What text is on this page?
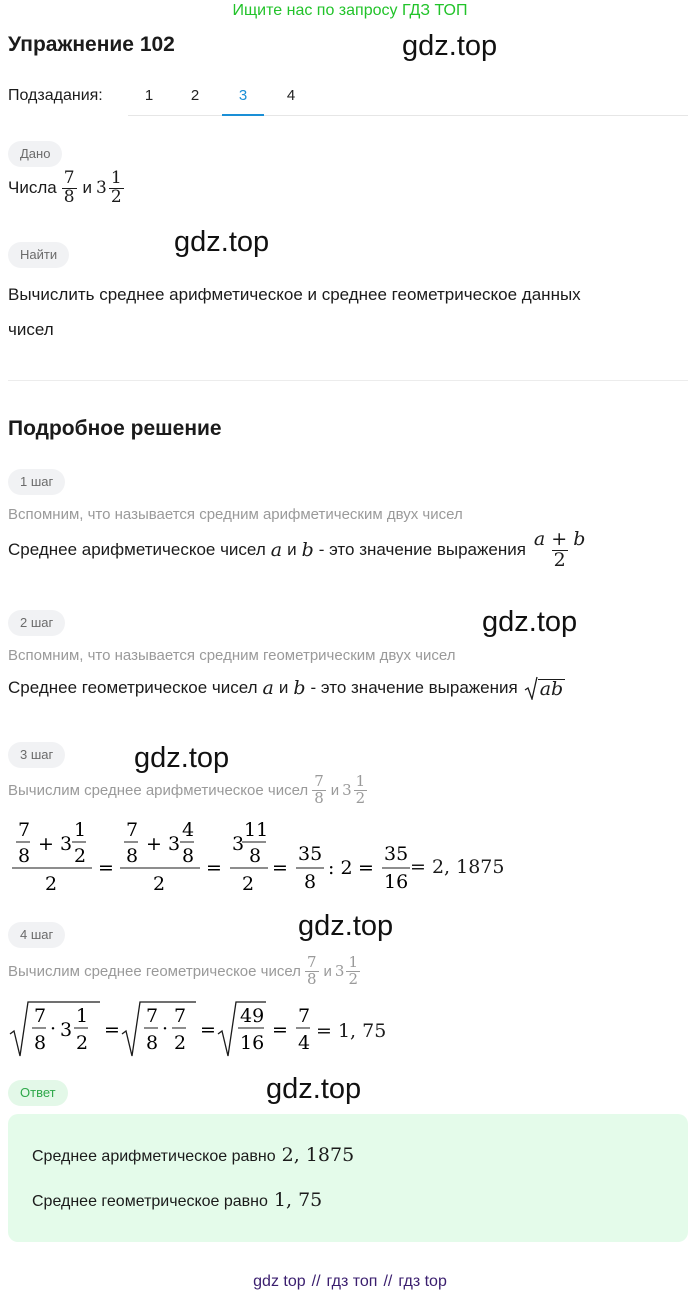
Ищите нас по запросу ГДЗ ТОП
Упражнение 102	gdz.top
gdz.top
gdz.top
gdz.top
gdz.top
gdz.top
Подзадания:	1	2	3	4
Дано
Числа $\frac{7}{8}$ и $3 \frac{1}{2}$
Найти
Вычислить среднее арифметическое и среднее геометрическое данных
чисел
Подробное решение
1 шаг
Вспомним, что называется средним арифметическим двух чисел
Среднее арифметическое чисел a и b - это значение выражения $\frac{a + b}{2}$
2 шаг
Вспомним, что называется средним геометрическим двух чисел
Среднее геометрическое чисел a и b - это значение выражения ab
3 шаг
Вычислим среднее арифметическое чисел $\frac{7}{8}$ и $3 \frac{1}{2}$
7
8
+ 3
1
2
2
=
7
8
+ 3
4
8
2
=
3
11
8
2
=
35
8
: 2 =
35
16
= 2, 1875
4 шаг
Вычислим среднее геометрическое чисел $\frac{7}{8}$ и $3 \frac{1}{2}$
7
8
· 3
1
2
=
7
8
·
7
2
=
49
16
=
7
4
= 1, 75
Ответ
Среднее арифметическое равно 2, 1875
Среднее геометрическое равно 1, 75
gdz top // гдз топ // гдз top
